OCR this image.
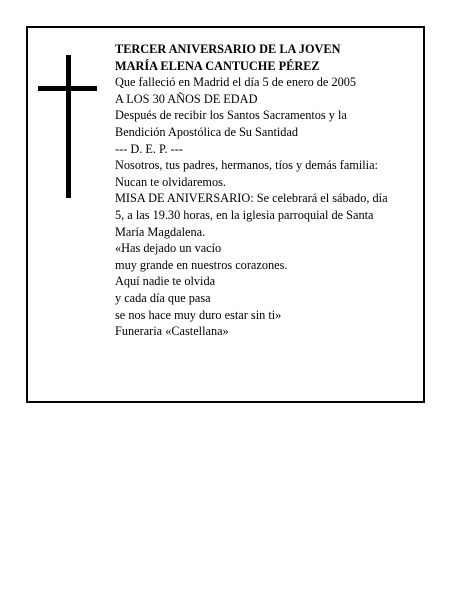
TERCER ANIVERSARIO DE LA JOVEN
MARÍA ELENA CANTUCHE PÉREZ
Que falleció en Madrid el día 5 de enero de 2005
A LOS 30 AÑOS DE EDAD
Después de recibir los Santos Sacramentos y la
Bendición Apostólica de Su Santidad
--- D. E. P. ---
Nosotros, tus padres, hermanos, tíos y demás familia:
Nucan te olvidaremos.
MISA DE ANIVERSARIO: Se celebrará el sábado, día
5, a las 19.30 horas, en la iglesia parroquial de Santa
María Magdalena.
«Has dejado un vacío
muy grande en nuestros corazones.
Aquí nadie te olvida
y cada día que pasa
se nos hace muy duro estar sin ti»
Funeraria «Castellana»
